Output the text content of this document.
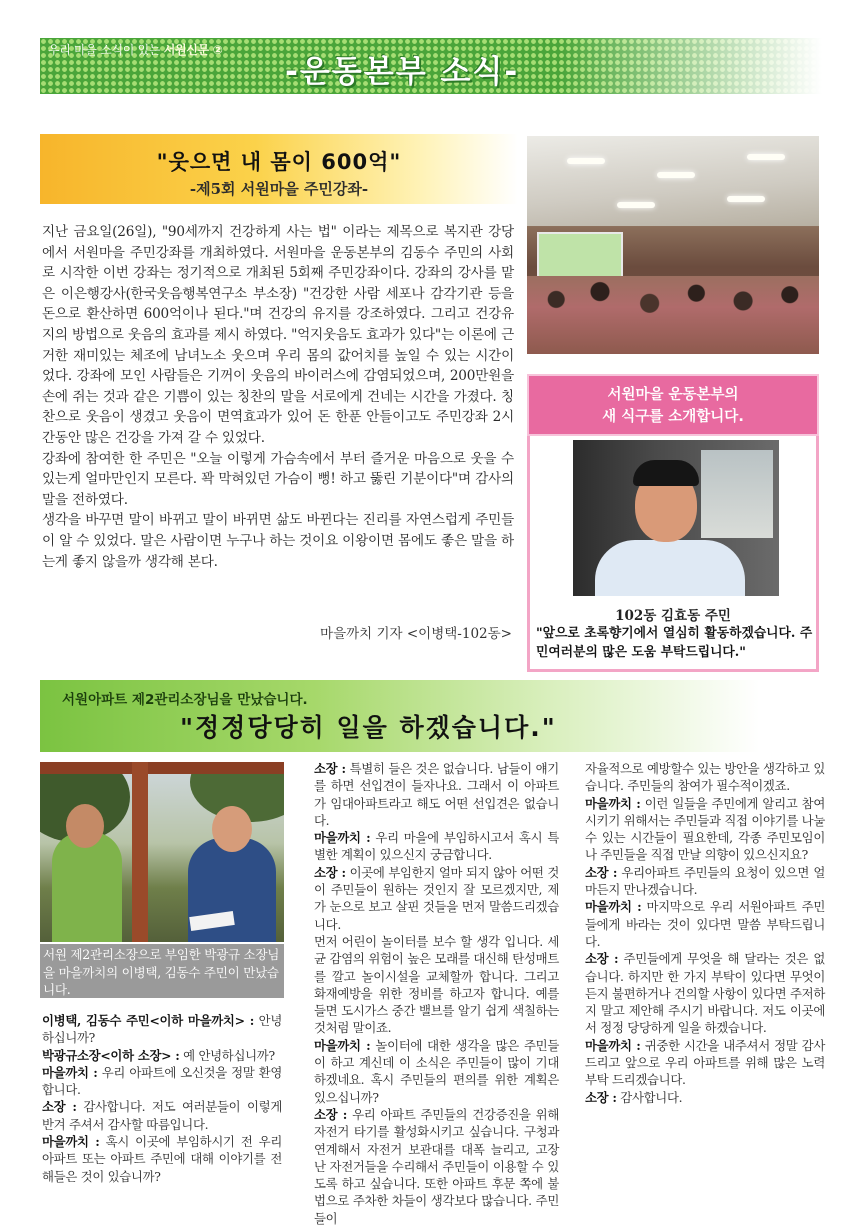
우리 마을 소식이 있는 서원신문 ②
-운동본부 소식-
"웃으면 내 몸이 600억"
-제5회 서원마을 주민강좌-

지난 금요일(26일), "90세까지 건강하게 사는 법" 이라는 제목으로 복지관 강당에서 서원마을 주민강좌를 개최하였다. 서원마을 운동본부의 김동수 주민의 사회로 시작한 이번 강좌는 정기적으로 개최된 5회째 주민강좌이다. 강좌의 강사를 맡은 이은행강사(한국웃음행복연구소 부소장) "건강한 사람 세포나 감각기관 등을 돈으로 환산하면 600억이나 된다."며 건강의 유지를 강조하였다. 그리고 건강유지의 방법으로 웃음의 효과를 제시 하였다. "억지웃음도 효과가 있다"는 이론에 근거한 재미있는 체조에 남녀노소 웃으며 우리 몸의 값어치를 높일 수 있는 시간이었다. 강좌에 모인 사람들은 기꺼이 웃음의 바이러스에 감염되었으며, 200만원을 손에 쥐는 것과 같은 기쁨이 있는 칭찬의 말을 서로에게 건네는 시간을 가졌다. 칭찬으로 웃음이 생겼고 웃음이 면역효과가 있어 돈 한푼 안들이고도 주민강좌 2시간동안 많은 건강을 가져 갈 수 있었다.

강좌에 참여한 한 주민은 "오늘 이렇게 가슴속에서 부터 즐거운 마음으로 웃을 수 있는게 얼마만인지 모른다. 꽉 막혀있던 가슴이 뻥! 하고 뚫린 기분이다"며 감사의 말을 전하였다.

생각을 바꾸면 말이 바뀌고 말이 바뀌면 삶도 바뀐다는 진리를 자연스럽게 주민들이 알 수 있었다. 말은 사람이면 누구나 하는 것이요 이왕이면 몸에도 좋은 말을 하는게 좋지 않을까 생각해 본다.

마을까치 기자 <이병택-102동>
서원마을 운동본부의
새 식구를 소개합니다.
102동 김효동 주민
"앞으로 초록향기에서 열심히 활동하겠습니다. 주민여러분의 많은 도움 부탁드립니다."
서원아파트 제2관리소장님을 만났습니다.
"정정당당히 일을 하겠습니다."
서원 제2관리소장으로 부임한 박광규 소장님을 마을까치의 이병택, 김동수 주민이 만났습니다.

이병택, 김동수 주민<이하 마을까치> : 안녕하십니까?

박광규소장<이하 소장> : 예 안녕하십니까?

마을까치 : 우리 아파트에 오신것을 정말 환영합니다.

소장 : 감사합니다. 저도 여러분들이 이렇게 반겨 주셔서 감사할 따름입니다.

마을까치 : 혹시 이곳에 부임하시기 전 우리 아파트 또는 아파트 주민에 대해 이야기를 전해들은 것이 있습니까?

소장 : 특별히 들은 것은 없습니다. 남들이 얘기를 하면 선입견이 들자나요. 그래서 이 아파트가 임대아파트라고 해도 어떤 선입견은 없습니다.

마을까치 : 우리 마을에 부임하시고서 혹시 특별한 계획이 있으신지 궁금합니다.

소장 : 이곳에 부임한지 얼마 되지 않아 어떤 것이 주민들이 원하는 것인지 잘 모르겠지만, 제가 눈으로 보고 살핀 것들을 먼저 말씀드리겠습니다.

먼저 어린이 놀이터를 보수 할 생각 입니다. 세균 감염의 위험이 높은 모래를 대신해 탄성매트를 깔고 놀이시설을 교체할까 합니다. 그리고 화재예방을 위한 정비를 하고자 합니다. 예를 들면 도시가스 중간 밸브를 알기 쉽게 색칠하는 것처럼 말이죠.

마을까치 : 놀이터에 대한 생각을 많은 주민들이 하고 계신데 이 소식은 주민들이 많이 기대하겠네요. 혹시 주민들의 편의를 위한 계획은 있으십니까?

소장 : 우리 아파트 주민들의 건강증진을 위해 자전거 타기를 활성화시키고 싶습니다. 구청과 연계해서 자전거 보관대를 대폭 늘리고, 고장 난 자전거들을 수리해서 주민들이 이용할 수 있도록 하고 싶습니다. 또한 아파트 후문 쪽에 불법으로 주차한 차들이 생각보다 많습니다. 주민들이

자율적으로 예방할수 있는 방안을 생각하고 있습니다. 주민들의 참여가 필수적이겠죠.

마을까치 : 이런 일들을 주민에게 알리고 참여시키기 위해서는 주민들과 직접 이야기를 나눌 수 있는 시간들이 필요한데, 각종 주민모임이나 주민들을 직접 만날 의향이 있으신지요?

소장 : 우리아파트 주민들의 요청이 있으면 얼마든지 만나겠습니다.

마을까치 : 마지막으로 우리 서원아파트 주민들에게 바라는 것이 있다면 말씀 부탁드립니다.

소장 : 주민들에게 무엇을 해 달라는 것은 없습니다. 하지만 한 가지 부탁이 있다면 무엇이든지 불편하거나 건의할 사항이 있다면 주저하지 말고 제안해 주시기 바랍니다. 저도 이곳에서 정정 당당하게 일을 하겠습니다.

마을까치 : 귀중한 시간을 내주셔서 정말 감사드리고 앞으로 우리 아파트를 위해 많은 노력 부탁 드리겠습니다.

소장 : 감사합니다.
